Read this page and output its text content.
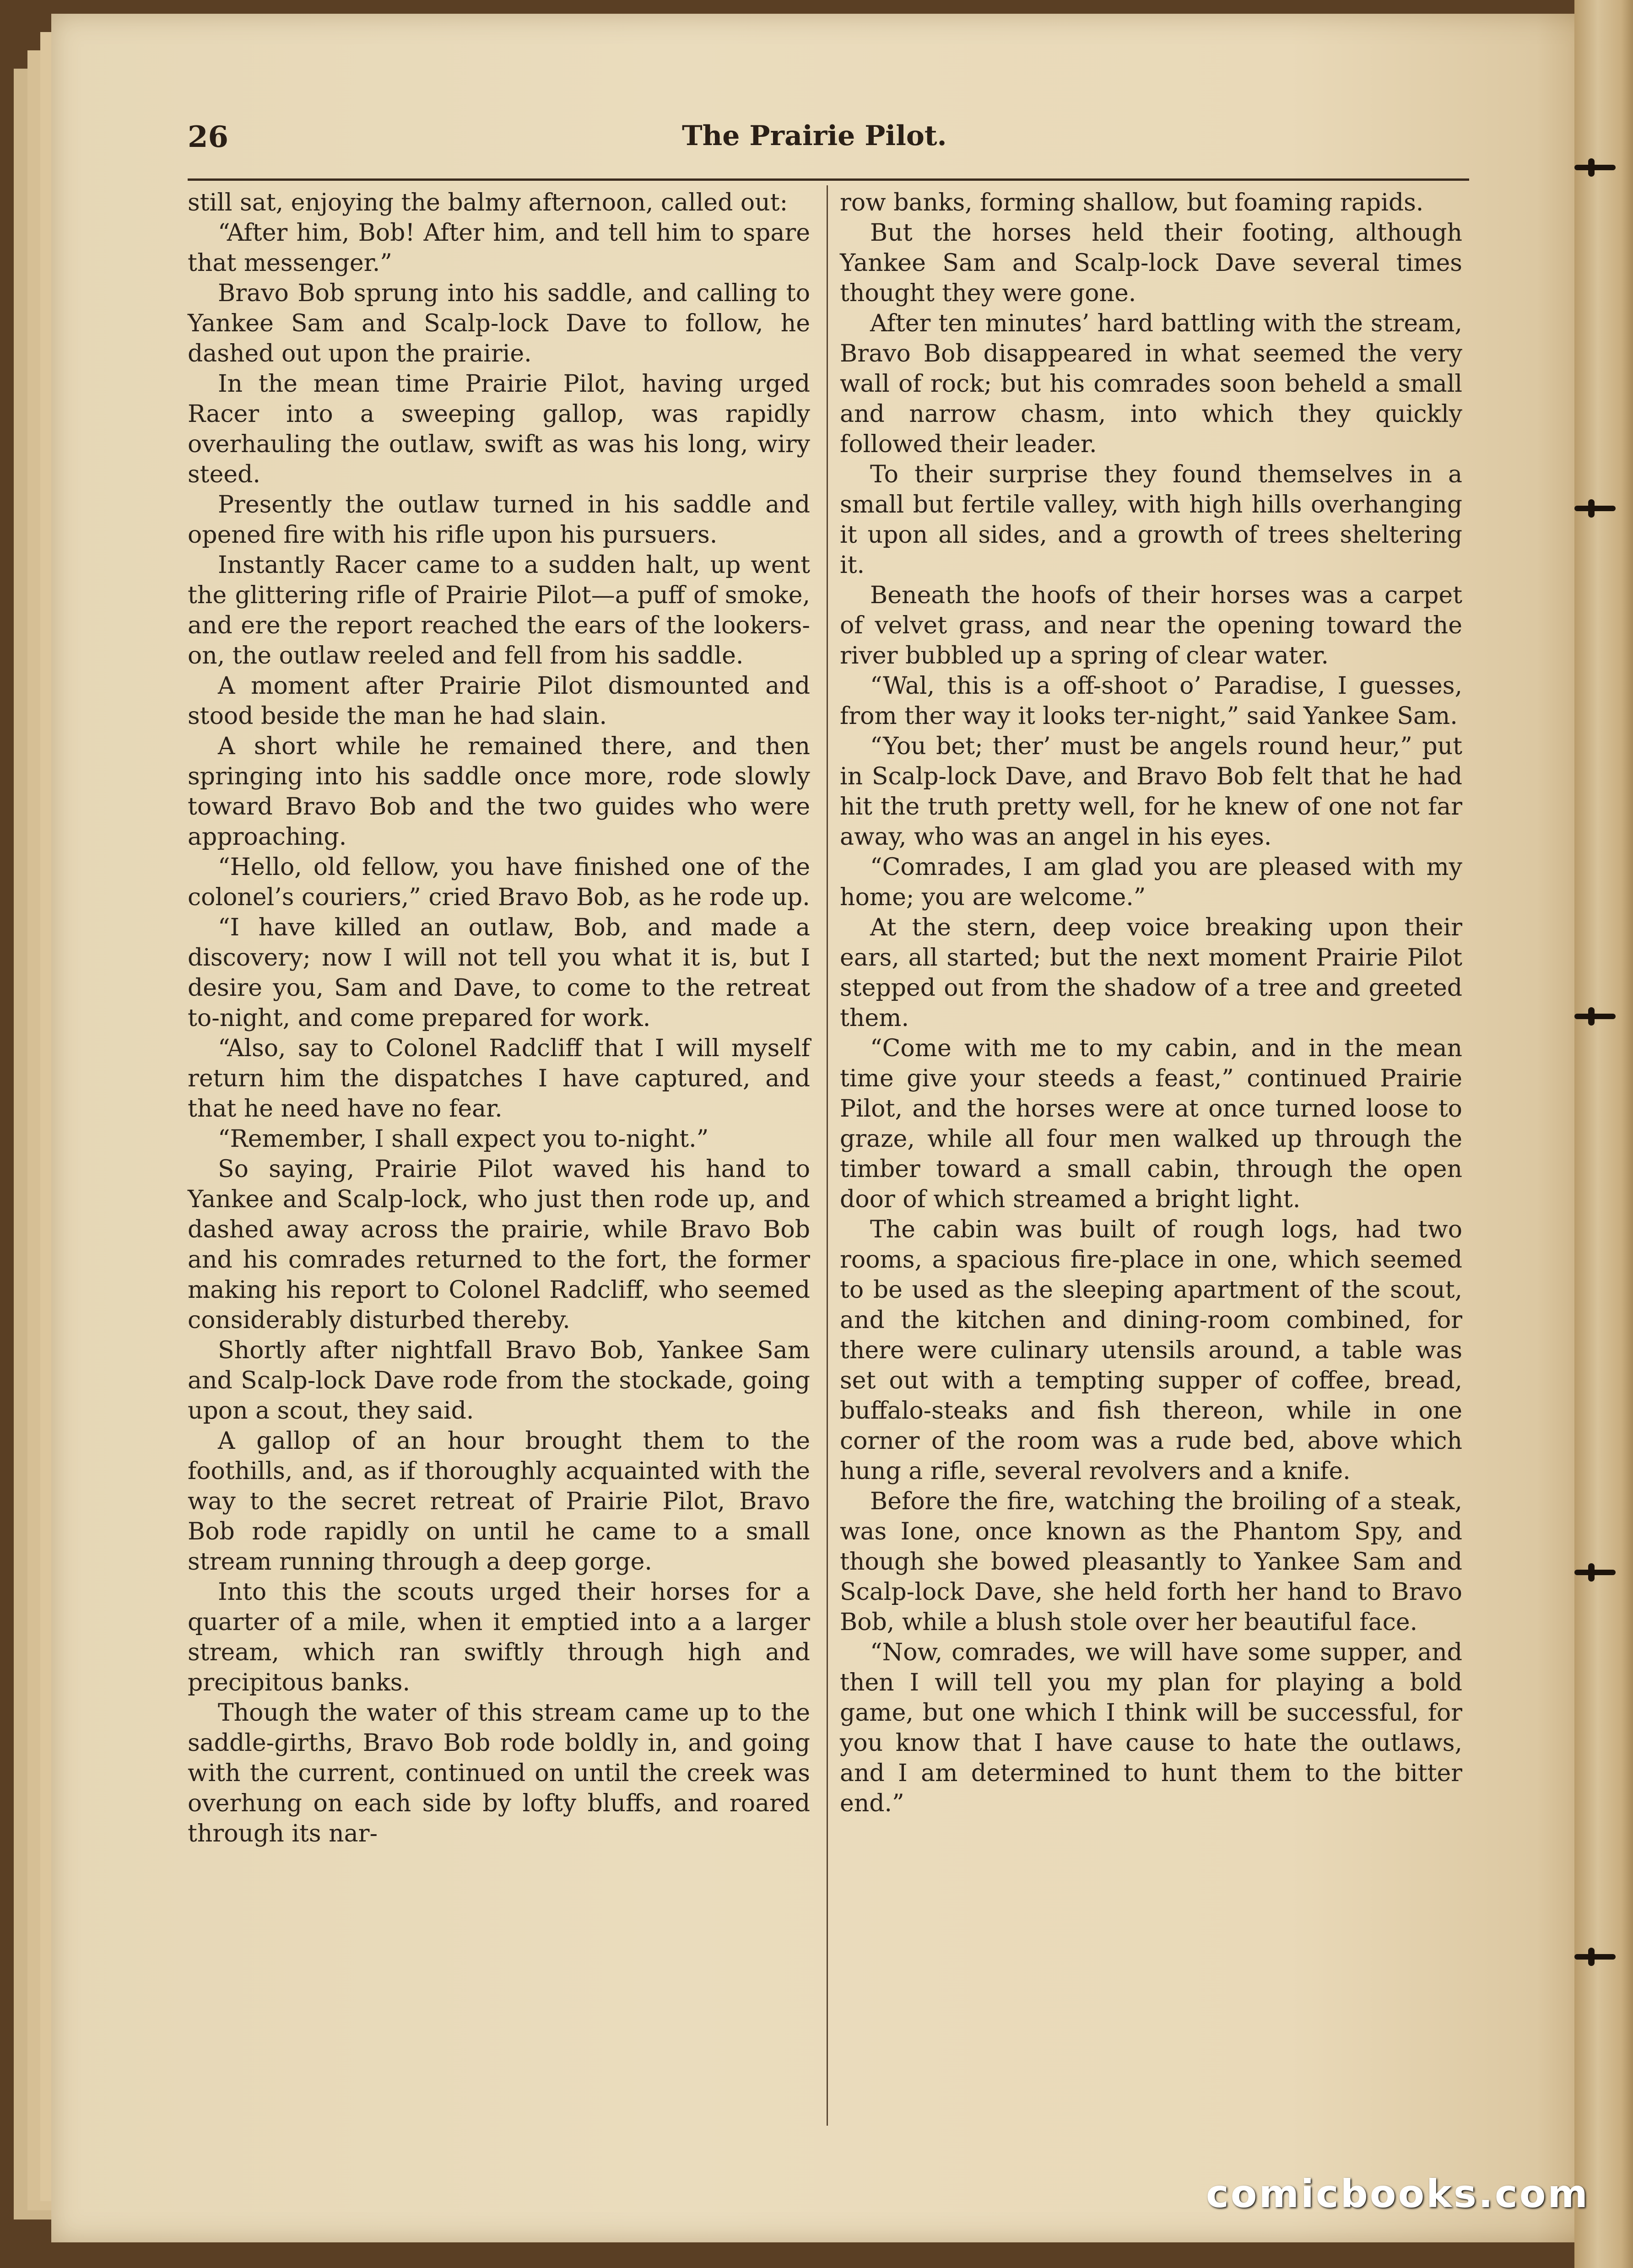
26	The Prairie Pilot.

still sat, enjoying the balmy afternoon, called out:

“After him, Bob! After him, and tell him to spare that messenger.”

Bravo Bob sprung into his saddle, and calling to Yankee Sam and Scalp-lock Dave to follow, he dashed out upon the prairie.

In the mean time Prairie Pilot, having urged Racer into a sweeping gallop, was rapidly overhauling the outlaw, swift as was his long, wiry steed.

Presently the outlaw turned in his saddle and opened fire with his rifle upon his pursuers.

Instantly Racer came to a sudden halt, up went the glittering rifle of Prairie Pilot—a puff of smoke, and ere the report reached the ears of the lookers-on, the outlaw reeled and fell from his saddle.

A moment after Prairie Pilot dismounted and stood beside the man he had slain.

A short while he remained there, and then springing into his saddle once more, rode slowly toward Bravo Bob and the two guides who were approaching.

“Hello, old fellow, you have finished one of the colonel’s couriers,” cried Bravo Bob, as he rode up.

“I have killed an outlaw, Bob, and made a discovery; now I will not tell you what it is, but I desire you, Sam and Dave, to come to the retreat to-night, and come prepared for work.

“Also, say to Colonel Radcliff that I will myself return him the dispatches I have captured, and that he need have no fear.

“Remember, I shall expect you to-night.”

So saying, Prairie Pilot waved his hand to Yankee and Scalp-lock, who just then rode up, and dashed away across the prairie, while Bravo Bob and his comrades returned to the fort, the former making his report to Colonel Radcliff, who seemed considerably disturbed thereby.

Shortly after nightfall Bravo Bob, Yankee Sam and Scalp-lock Dave rode from the stockade, going upon a scout, they said.

A gallop of an hour brought them to the foothills, and, as if thoroughly acquainted with the way to the secret retreat of Prairie Pilot, Bravo Bob rode rapidly on until he came to a small stream running through a deep gorge.

Into this the scouts urged their horses for a quarter of a mile, when it emptied into a a larger stream, which ran swiftly through high and precipitous banks.

Though the water of this stream came up to the saddle-girths, Bravo Bob rode boldly in, and going with the current, continued on until the creek was overhung on each side by lofty bluffs, and roared through its nar-

row banks, forming shallow, but foaming rapids.

But the horses held their footing, although Yankee Sam and Scalp-lock Dave several times thought they were gone.

After ten minutes’ hard battling with the stream, Bravo Bob disappeared in what seemed the very wall of rock; but his comrades soon beheld a small and narrow chasm, into which they quickly followed their leader.

To their surprise they found themselves in a small but fertile valley, with high hills overhanging it upon all sides, and a growth of trees sheltering it.

Beneath the hoofs of their horses was a carpet of velvet grass, and near the opening toward the river bubbled up a spring of clear water.

“Wal, this is a off-shoot o’ Paradise, I guesses, from ther way it looks ter-night,” said Yankee Sam.

“You bet; ther’ must be angels round heur,” put in Scalp-lock Dave, and Bravo Bob felt that he had hit the truth pretty well, for he knew of one not far away, who was an angel in his eyes.

“Comrades, I am glad you are pleased with my home; you are welcome.”

At the stern, deep voice breaking upon their ears, all started; but the next moment Prairie Pilot stepped out from the shadow of a tree and greeted them.

“Come with me to my cabin, and in the mean time give your steeds a feast,” continued Prairie Pilot, and the horses were at once turned loose to graze, while all four men walked up through the timber toward a small cabin, through the open door of which streamed a bright light.

The cabin was built of rough logs, had two rooms, a spacious fire-place in one, which seemed to be used as the sleeping apartment of the scout, and the kitchen and dining-room combined, for there were culinary utensils around, a table was set out with a tempting supper of coffee, bread, buffalo-steaks and fish thereon, while in one corner of the room was a rude bed, above which hung a rifle, several revolvers and a knife.

Before the fire, watching the broiling of a steak, was Ione, once known as the Phantom Spy, and though she bowed pleasantly to Yankee Sam and Scalp-lock Dave, she held forth her hand to Bravo Bob, while a blush stole over her beautiful face.

“Now, comrades, we will have some supper, and then I will tell you my plan for playing a bold game, but one which I think will be successful, for you know that I have cause to hate the outlaws, and I am determined to hunt them to the bitter end.”

comicbooks.com
